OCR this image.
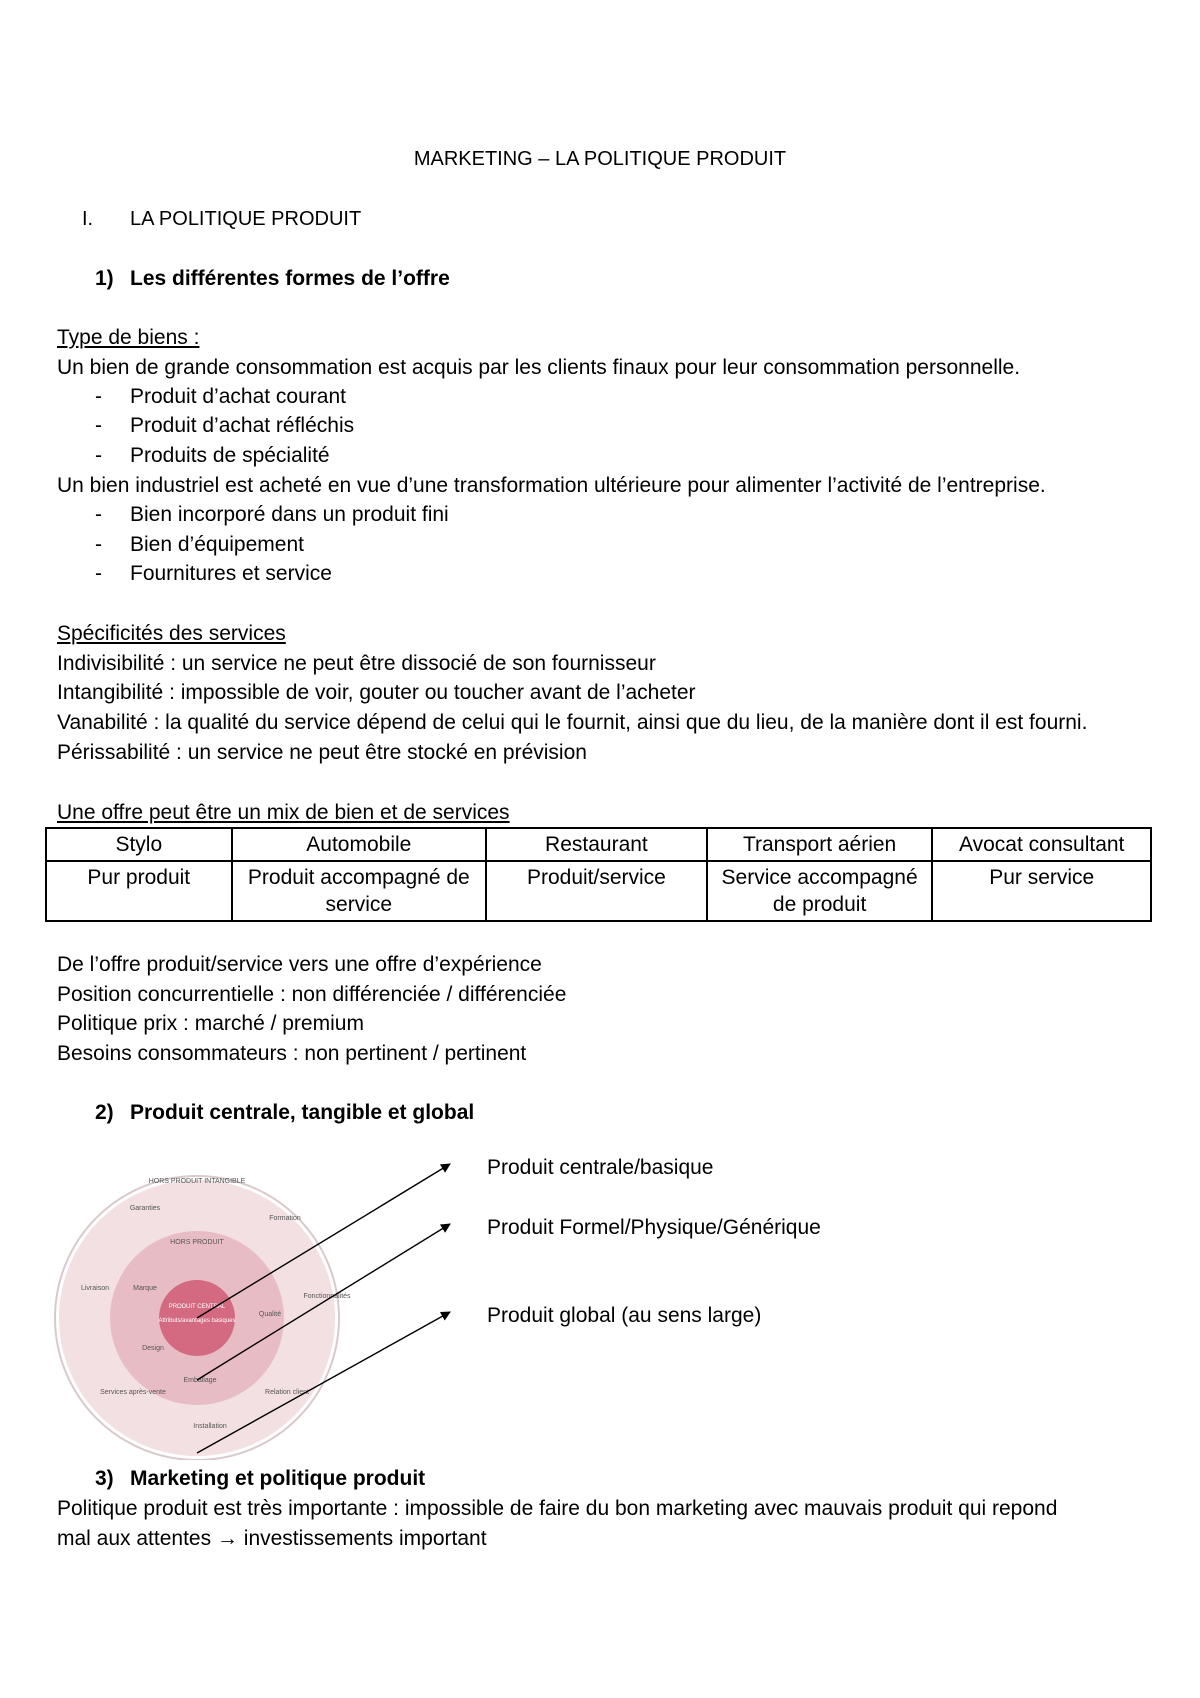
MARKETING – LA POLITIQUE PRODUIT
I. LA POLITIQUE PRODUIT
1) Les différentes formes de l’offre
Type de biens :
Un bien de grande consommation est acquis par les clients finaux pour leur consommation personnelle.
- Produit d’achat courant
- Produit d’achat réfléchis
- Produits de spécialité
Un bien industriel est acheté en vue d’une transformation ultérieure pour alimenter l’activité de l’entreprise.
- Bien incorporé dans un produit fini
- Bien d’équipement
- Fournitures et service
Spécificités des services
Indivisibilité : un service ne peut être dissocié de son fournisseur
Intangibilité : impossible de voir, gouter ou toucher avant de l’acheter
Vanabilité : la qualité du service dépend de celui qui le fournit, ainsi que du lieu, de la manière dont il est fourni.
Périssabilité : un service ne peut être stocké en prévision
Une offre peut être un mix de bien et de services
Stylo	Automobile	Restaurant	Transport aérien	Avocat consultant
Pur produit	Produit accompagné de service	Produit/service	Service accompagné de produit	Pur service
De l’offre produit/service vers une offre d’expérience
Position concurrentielle : non différenciée / différenciée
Politique prix : marché / premium
Besoins consommateurs : non pertinent / pertinent
2) Produit centrale, tangible et global
HORS PRODUIT INTANGIBLE
HORS PRODUIT
PRODUIT CENTRAL
Attributs/avantages basiques
Garanties
Formation
Livraison
Services après-vente
Installation
Relation client
Marque
Qualité
Design
Emballage
Fonctionnalités
Produit centrale/basique
Produit Formel/Physique/Générique
Produit global (au sens large)
3) Marketing et politique produit
Politique produit est très importante : impossible de faire du bon marketing avec mauvais produit qui repond
mal aux attentes → investissements important
